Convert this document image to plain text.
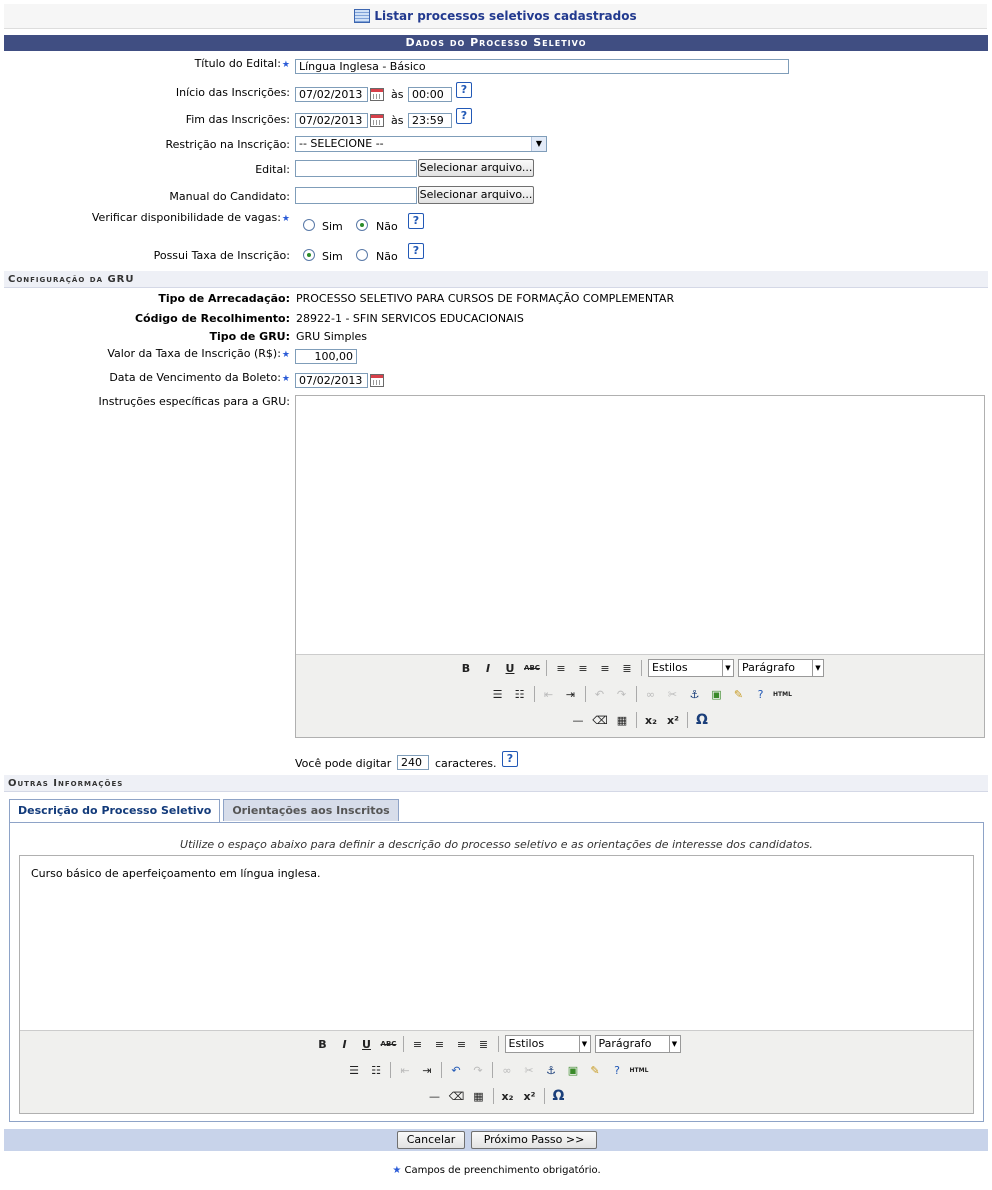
Listar processos seletivos cadastrados
Dados do Processo Seletivo
Título do Edital:★
Língua Inglesa - Básico
Início das Inscrições:
07/02/2013	às
00:00	?
Fim das Inscrições:
07/02/2013	às
23:59	?
Restrição na Inscrição: -- SELECIONE --	▼
Edital:	Selecionar arquivo...
Manual do Candidato:	Selecionar arquivo...
Verificar disponibilidade de vagas:★
Sim	Não	?
Possui Taxa de Inscrição:	Sim	Não	?
Configuração da GRU
Tipo de Arrecadação: PROCESSO SELETIVO PARA CURSOS DE FORMAÇÃO COMPLEMENTAR
Código de Recolhimento: 28922-1 - SFIN SERVICOS EDUCACIONAIS
Tipo de GRU: GRU Simples
Valor da Taxa de Inscrição (R$):★
100,00
Data de Vencimento da Boleto:★
07/02/2013
Instruções específicas para a GRU:
B	I	U	ABC	≡	≡	≡	≣	Estilos	▼	Parágrafo	▼
☰	☷	⇤	⇥	↶	↷	∞	✂	⚓	▣	✎	?	HTML
— ⌫ ▦	x₂ x² Ω
Você pode digitar
240	caracteres. ?
Outras Informações
Descrição do Processo Seletivo	Orientações aos Inscritos
Utilize o espaço abaixo para definir a descrição do processo seletivo e as orientações de interesse dos candidatos.
Curso básico de aperfeiçoamento em língua inglesa.
B	I	U	ABC	≡	≡	≡	≣	Estilos	▼	Parágrafo	▼
☰	☷	⇤	⇥	↶	↷	∞	✂	⚓	▣	✎	?	HTML
— ⌫ ▦	x₂ x² Ω
Cancelar	Próximo Passo >>
★ Campos de preenchimento obrigatório.
